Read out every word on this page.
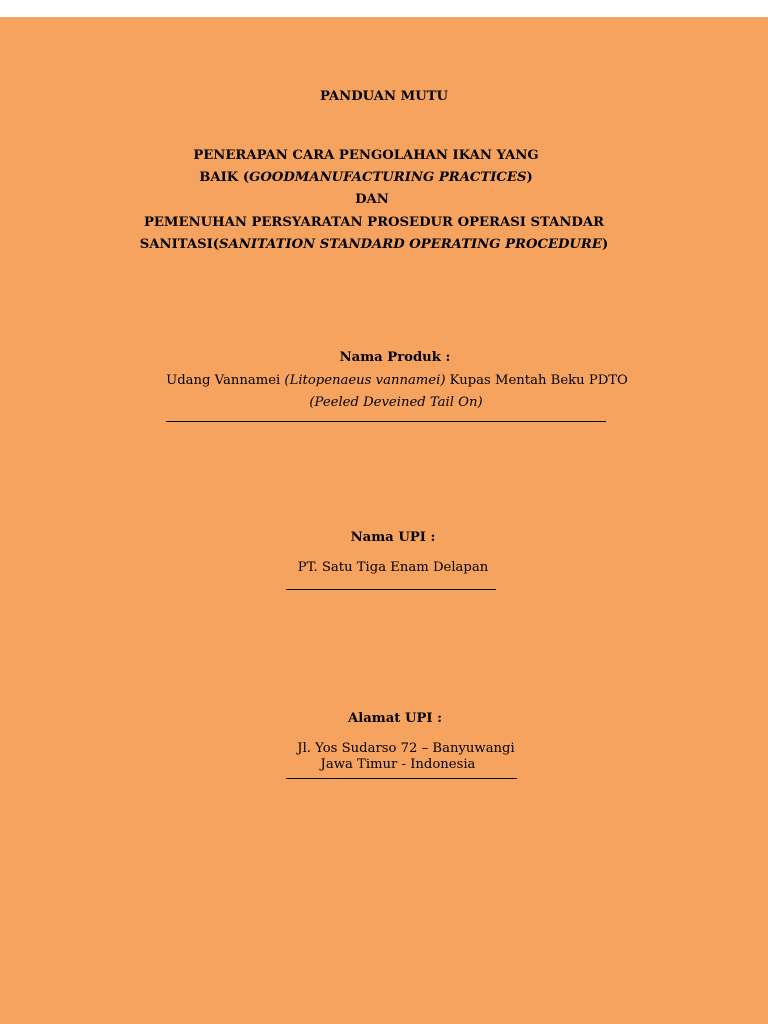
PANDUAN MUTU
PENERAPAN CARA PENGOLAHAN IKAN YANG
BAIK (GOODMANUFACTURING PRACTICES)
DAN
PEMENUHAN PERSYARATAN PROSEDUR OPERASI STANDAR
SANITASI(SANITATION STANDARD OPERATING PROCEDURE)
Nama Produk :
Udang Vannamei (Litopenaeus vannamei) Kupas Mentah Beku PDTO
(Peeled Deveined Tail On)
Nama UPI :
PT. Satu Tiga Enam Delapan
Alamat UPI :
Jl. Yos Sudarso 72 – Banyuwangi
Jawa Timur - Indonesia
